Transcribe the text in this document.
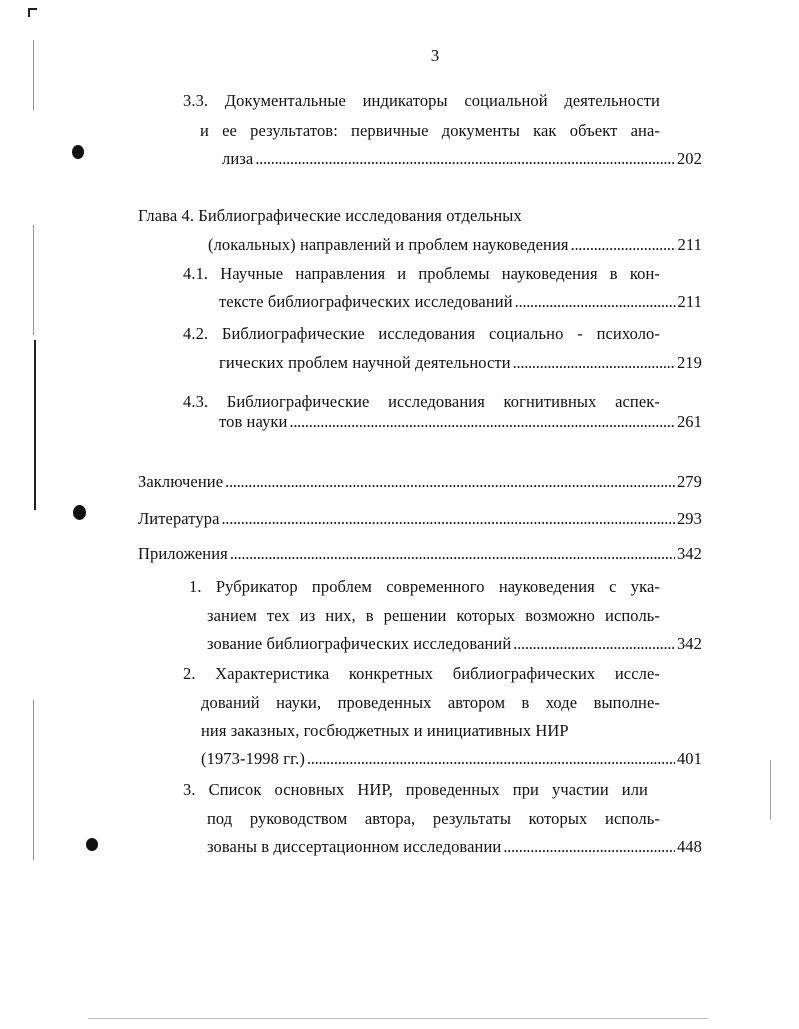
3
3.3. Документальные индикаторы социальной деятельности
и ее результатов: первичные документы как объект ана-
лиза . . .	202
Глава 4. Библиографические исследования отдельных
(локальных) направлений и проблем науковедения . . .	211
4.1. Научные направления и проблемы науковедения в кон-
тексте библиографических исследований . . .	211
4.2. Библиографические исследования социально - психоло-
гических проблем научной деятельности . . .	219
4.3. Библиографические исследования когнитивных аспек-
тов науки . . .	261
Заключение . . .	279
Литература . . .	293
Приложения . . .	342
1. Рубрикатор проблем современного науковедения с ука-
занием тех из них, в решении которых возможно исполь-
зование библиографических исследований . . .	342
2. Характеристика конкретных библиографических иссле-
дований науки, проведенных автором в ходе выполне-
ния заказных, госбюджетных и инициативных НИР
(1973-1998 гг.) . . .	401
3. Список основных НИР, проведенных при участии или
под руководством автора, результаты которых исполь-
зованы в диссертационном исследовании . . .	448
